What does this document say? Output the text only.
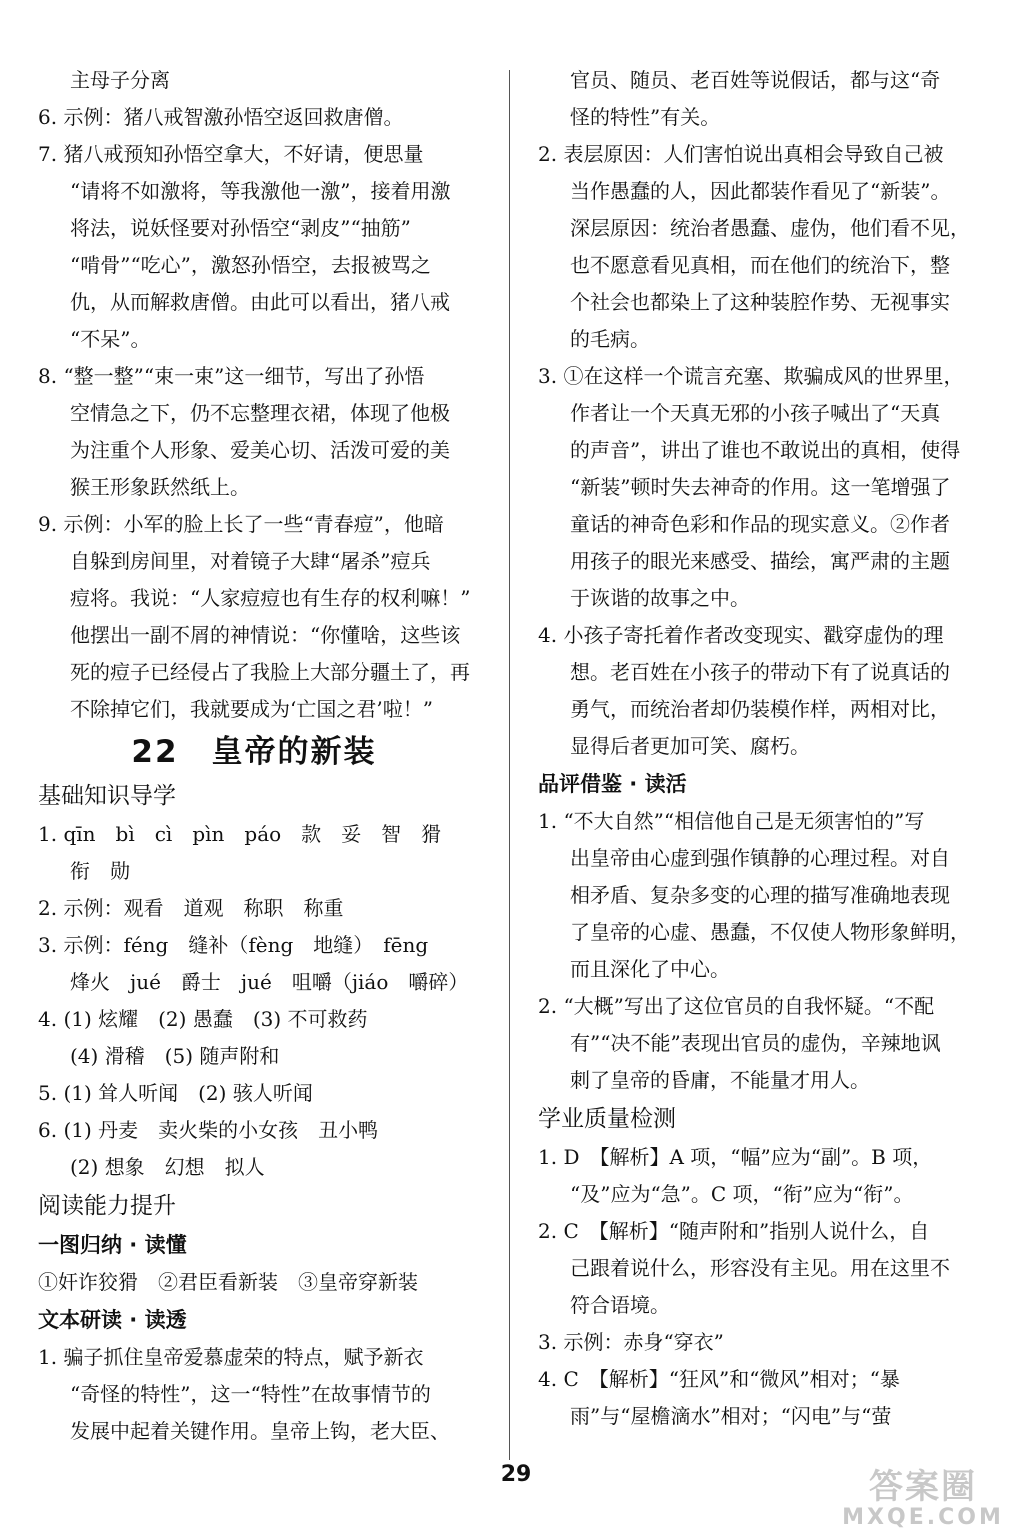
主母子分离
6. 示例：猪八戒智激孙悟空返回救唐僧。
7. 猪八戒预知孙悟空拿大，不好请，便思量
“请将不如激将，等我激他一激”，接着用激
将法，说妖怪要对孙悟空“剥皮”“抽筋”
“啃骨”“吃心”，激怒孙悟空，去报被骂之
仇，从而解救唐僧。由此可以看出，猪八戒
“不呆”。
8. “整一整”“束一束”这一细节，写出了孙悟
空情急之下，仍不忘整理衣裙，体现了他极
为注重个人形象、爱美心切、活泼可爱的美
猴王形象跃然纸上。
9. 示例：小军的脸上长了一些“青春痘”，他暗
自躲到房间里，对着镜子大肆“屠杀”痘兵
痘将。我说：“人家痘痘也有生存的权利嘛！”
他摆出一副不屑的神情说：“你懂啥，这些该
死的痘子已经侵占了我脸上大部分疆土了，再
不除掉它们，我就要成为‘亡国之君’啦！”
22　皇帝的新装
基础知识导学
1. qīn　bì　cì　pìn　páo　款　妥　智　猾
衔　勋
2. 示例：观看　道观　称职　称重
3. 示例：féng　缝补（fèng　地缝）　fēng
烽火　jué　爵士　jué　咀嚼（jiáo　嚼碎）
4. (1) 炫耀　(2) 愚蠢　(3) 不可救药
(4) 滑稽　(5) 随声附和
5. (1) 耸人听闻　(2) 骇人听闻
6. (1) 丹麦　卖火柴的小女孩　丑小鸭
(2) 想象　幻想　拟人
阅读能力提升
一图归纳 · 读懂
①奸诈狡猾　②君臣看新装　③皇帝穿新装
文本研读 · 读透
1. 骗子抓住皇帝爱慕虚荣的特点，赋予新衣
“奇怪的特性”，这一“特性”在故事情节的
发展中起着关键作用。皇帝上钩，老大臣、
官员、随员、老百姓等说假话，都与这“奇
怪的特性”有关。
2. 表层原因：人们害怕说出真相会导致自己被
当作愚蠢的人，因此都装作看见了“新装”。
深层原因：统治者愚蠢、虚伪，他们看不见，
也不愿意看见真相，而在他们的统治下，整
个社会也都染上了这种装腔作势、无视事实
的毛病。
3. ①在这样一个谎言充塞、欺骗成风的世界里，
作者让一个天真无邪的小孩子喊出了“天真
的声音”，讲出了谁也不敢说出的真相，使得
“新装”顿时失去神奇的作用。这一笔增强了
童话的神奇色彩和作品的现实意义。②作者
用孩子的眼光来感受、描绘，寓严肃的主题
于诙谐的故事之中。
4. 小孩子寄托着作者改变现实、戳穿虚伪的理
想。老百姓在小孩子的带动下有了说真话的
勇气，而统治者却仍装模作样，两相对比，
显得后者更加可笑、腐朽。
品评借鉴 · 读活
1. “不大自然”“相信他自己是无须害怕的”写
出皇帝由心虚到强作镇静的心理过程。对自
相矛盾、复杂多变的心理的描写准确地表现
了皇帝的心虚、愚蠢，不仅使人物形象鲜明，
而且深化了中心。
2. “大概”写出了这位官员的自我怀疑。“不配
有”“决不能”表现出官员的虚伪，辛辣地讽
刺了皇帝的昏庸，不能量才用人。
学业质量检测
1. D　【解析】A 项，“幅”应为“副”。B 项，
“及”应为“急”。C 项，“衔”应为“衔”。
2. C　【解析】“随声附和”指别人说什么，自
己跟着说什么，形容没有主见。用在这里不
符合语境。
3. 示例：赤身“穿衣”
4. C　【解析】“狂风”和“微风”相对；“暴
雨”与“屋檐滴水”相对；“闪电”与“萤
29	答案圈
MXQE.COM
